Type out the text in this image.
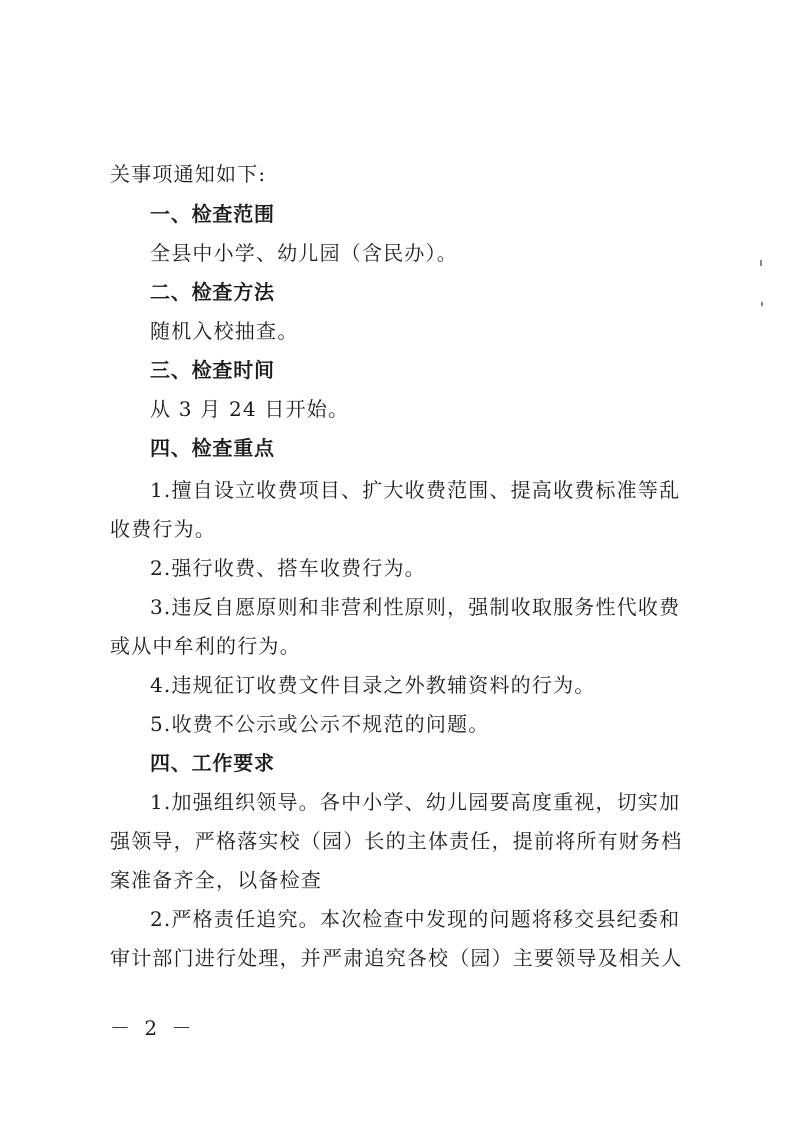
关事项通知如下:
一、检查范围
全县中小学、幼儿园（含民办）。
二、检查方法
随机入校抽查。
三、检查时间
从 3 月 24 日开始。
四、检查重点
1.擅自设立收费项目、扩大收费范围、提高收费标准等乱
收费行为。
2.强行收费、搭车收费行为。
3.违反自愿原则和非营利性原则，强制收取服务性代收费
或从中牟利的行为。
4.违规征订收费文件目录之外教辅资料的行为。
5.收费不公示或公示不规范的问题。
四、工作要求
1.加强组织领导。各中小学、幼儿园要高度重视，切实加
强领导，严格落实校（园）长的主体责任，提前将所有财务档
案准备齐全，以备检查
2.严格责任追究。本次检查中发现的问题将移交县纪委和
审计部门进行处理，并严肃追究各校（园）主要领导及相关人
－ 2 －
